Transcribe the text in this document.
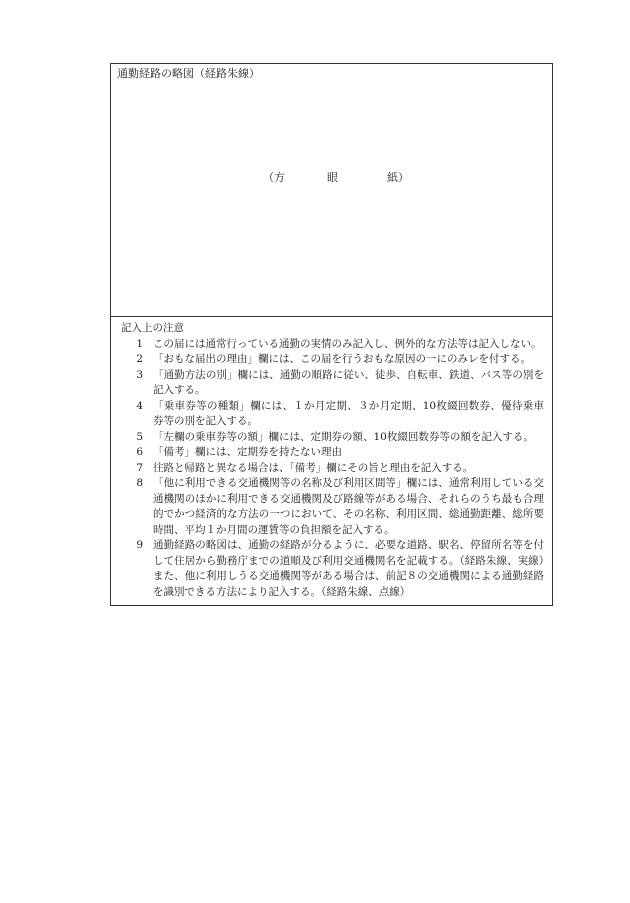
通勤経路の略図（経路朱線）
（方	眼	紙）
記入上の注意
1 この届には通常行っている通勤の実情のみ記入し、例外的な方法等は記入しない。
2 「おもな届出の理由」欄には、この届を行うおもな原因の一にのみレを付する。
3 「通勤方法の別」欄には、通勤の順路に従い、徒歩、自転車、鉄道、バス等の別を記入する。
4 「乗車券等の種類」欄には、１か月定期、３か月定期、10枚綴回数券、優待乗車券等の別を記入する。
5 「左欄の乗車券等の額」欄には、定期券の額、10枚綴回数券等の額を記入する。
6 「備考」欄には、定期券を持たない理由
7 往路と帰路と異なる場合は、「備考」欄にその旨と理由を記入する。
8 「他に利用できる交通機関等の名称及び利用区間等」欄には、通常利用している交通機関のほかに利用できる交通機関及び路線等がある場合、それらのうち最も合理的でかつ経済的な方法の一つにおいて、その名称、利用区間、総通勤距離、総所要時間、平均１か月間の運賃等の負担額を記入する。
9 通勤経路の略図は、通勤の経路が分るように、必要な道路、駅名、停留所名等を付して住居から勤務庁までの道順及び利用交通機関名を記載する。（経路朱線、実線）また、他に利用しうる交通機関等がある場合は、前記８の交通機関による通勤経路を識別できる方法により記入する。（経路朱線、点線）
